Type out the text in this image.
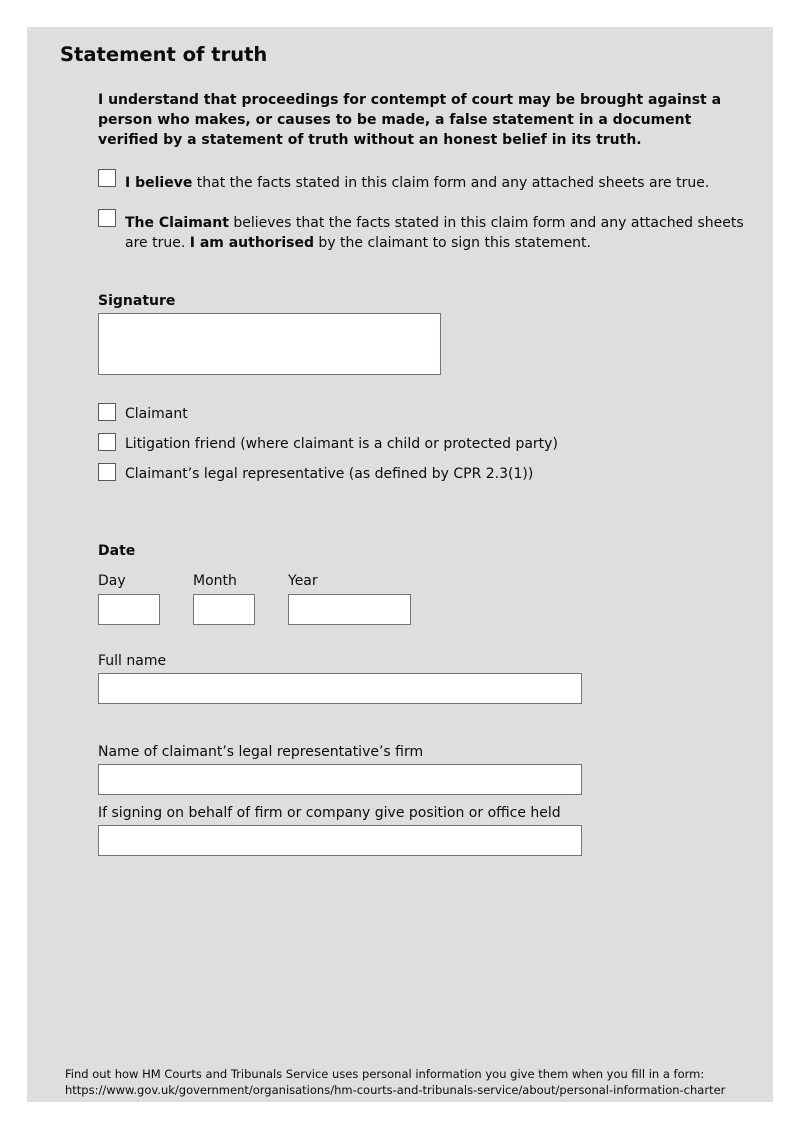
Statement of truth
I understand that proceedings for contempt of court may be brought against a person who makes, or causes to be made, a false statement in a document verified by a statement of truth without an honest belief in its truth.
I believe that the facts stated in this claim form and any attached sheets are true.
The Claimant believes that the facts stated in this claim form and any attached sheets are true. I am authorised by the claimant to sign this statement.
Signature
Claimant
Litigation friend (where claimant is a child or protected party)
Claimant’s legal representative (as defined by CPR 2.3(1))
Date
Day	Month	Year
Full name
Name of claimant’s legal representative’s firm
If signing on behalf of firm or company give position or office held
Find out how HM Courts and Tribunals Service uses personal information you give them when you fill in a form:
https://www.gov.uk/government/organisations/hm-courts-and-tribunals-service/about/personal-information-charter
